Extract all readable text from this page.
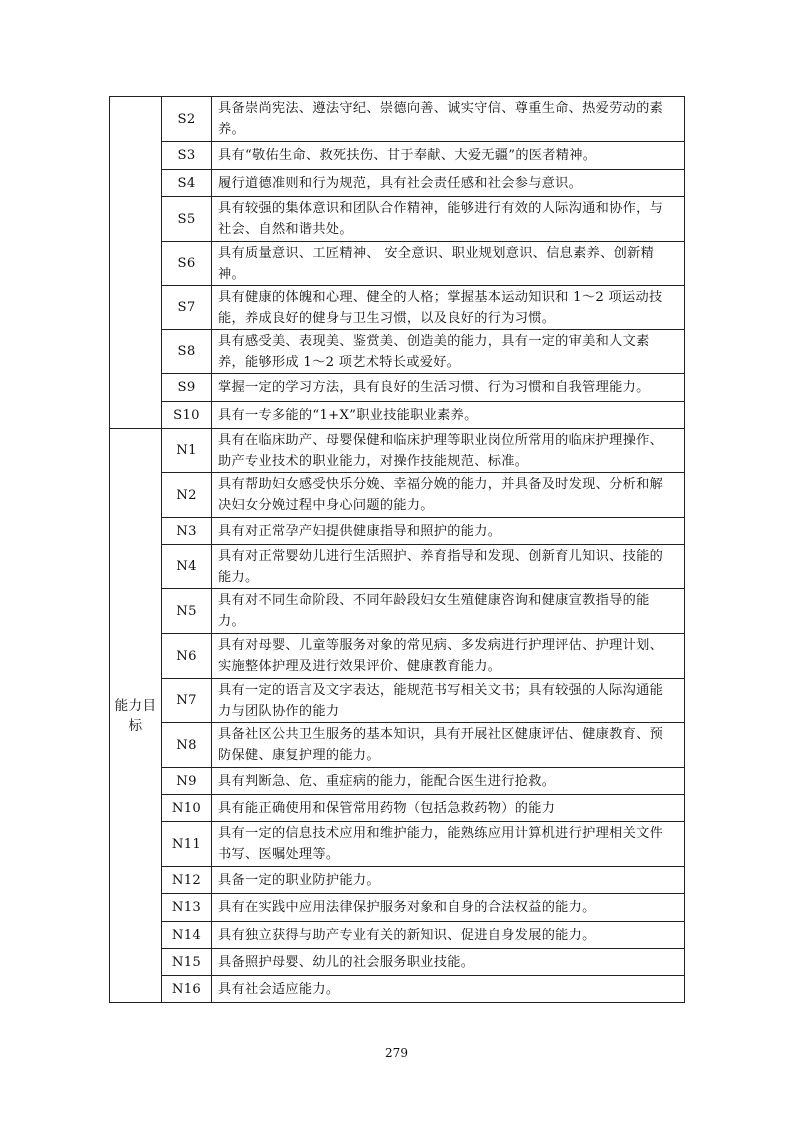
	S2	具备崇尚宪法、遵法守纪、崇德向善、诚实守信、尊重生命、热爱劳动的素养。
	S3	具有“敬佑生命、救死扶伤、甘于奉献、大爱无疆”的医者精神。
	S4	履行道德准则和行为规范，具有社会责任感和社会参与意识。
	S5	具有较强的集体意识和团队合作精神，能够进行有效的人际沟通和协作，与社会、自然和谐共处。
	S6	具有质量意识、工匠精神、 安全意识、职业规划意识、信息素养、创新精神。
	S7	具有健康的体魄和心理、健全的人格；掌握基本运动知识和 1～2 项运动技能，养成良好的健身与卫生习惯，以及良好的行为习惯。
	S8	具有感受美、表现美、鉴赏美、创造美的能力，具有一定的审美和人文素养，能够形成 1～2 项艺术特长或爱好。
	S9	掌握一定的学习方法，具有良好的生活习惯、行为习惯和自我管理能力。
	S10	具有一专多能的“1+X”职业技能职业素养。
能力目标	N1	具有在临床助产、母婴保健和临床护理等职业岗位所常用的临床护理操作、助产专业技术的职业能力，对操作技能规范、标准。
	N2	具有帮助妇女感受快乐分娩、幸福分娩的能力，并具备及时发现、分析和解决妇女分娩过程中身心问题的能力。
	N3	具有对正常孕产妇提供健康指导和照护的能力。
	N4	具有对正常婴幼儿进行生活照护、养育指导和发现、创新育儿知识、技能的能力。
	N5	具有对不同生命阶段、不同年龄段妇女生殖健康咨询和健康宣教指导的能力。
	N6	具有对母婴、儿童等服务对象的常见病、多发病进行护理评估、护理计划、实施整体护理及进行效果评价、健康教育能力。
	N7	具有一定的语言及文字表达，能规范书写相关文书；具有较强的人际沟通能力与团队协作的能力
	N8	具备社区公共卫生服务的基本知识，具有开展社区健康评估、健康教育、预防保健、康复护理的能力。
	N9	具有判断急、危、重症病的能力，能配合医生进行抢救。
	N10	具有能正确使用和保管常用药物（包括急救药物）的能力
	N11	具有一定的信息技术应用和维护能力，能熟练应用计算机进行护理相关文件书写、医嘱处理等。
	N12	具备一定的职业防护能力。
	N13	具有在实践中应用法律保护服务对象和自身的合法权益的能力。
	N14	具有独立获得与助产专业有关的新知识、促进自身发展的能力。
	N15	具备照护母婴、幼儿的社会服务职业技能。
	N16	具有社会适应能力。
279
